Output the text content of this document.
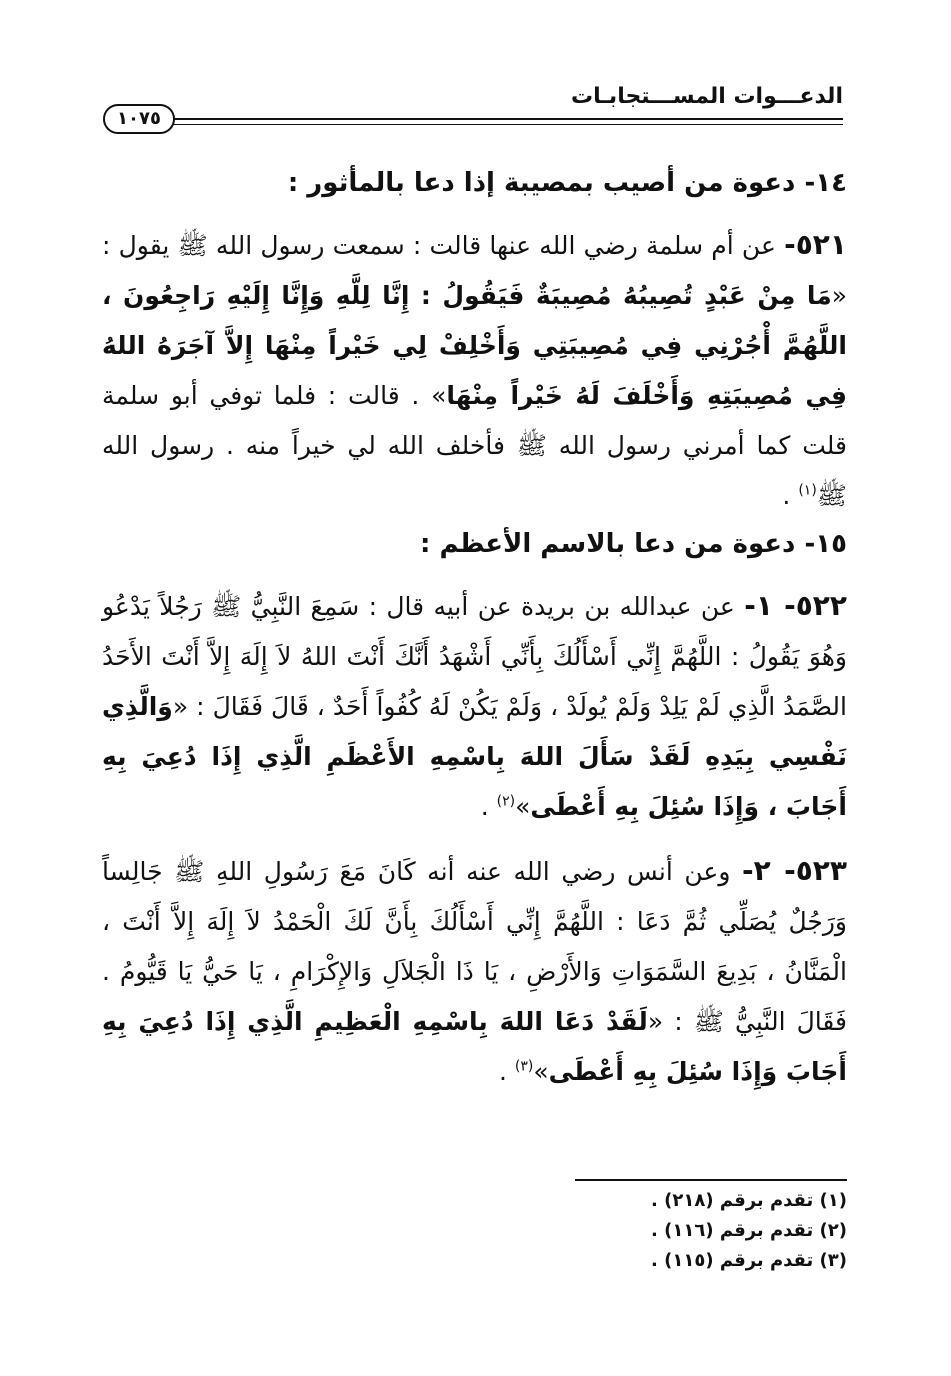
الدعـــوات المســـتجابـات
١٠٧٥
١٤- دعوة من أصيب بمصيبة إذا دعا بالمأثور :

٥٢١- عن أم سلمة رضي الله عنها قالت : سمعت رسول الله ﷺ يقول : «مَا مِنْ عَبْدٍ تُصِيبُهُ مُصِيبَةٌ فَيَقُولُ : إِنَّا لِلَّهِ وَإِنَّا إِلَيْهِ رَاجِعُونَ ، اللَّهُمَّ أْجُرْنِي فِي مُصِيبَتِي وَأَخْلِفْ لِي خَيْراً مِنْهَا إِلاَّ آجَرَهُ اللهُ فِي مُصِيبَتِهِ وَأَخْلَفَ لَهُ خَيْراً مِنْهَا» . قالت : فلما توفي أبو سلمة قلت كما أمرني رسول الله ﷺ فأخلف الله لي خيراً منه . رسول الله ﷺ$^{(١)}$ .

١٥- دعوة من دعا بالاسم الأعظم :

٥٢٢- ١- عن عبدالله بن بريدة عن أبيه قال : سَمِعَ النَّبِيُّ ﷺ رَجُلاً يَدْعُو وَهُوَ يَقُولُ : اللَّهُمَّ إِنِّي أَسْأَلُكَ بِأَنِّي أَشْهَدُ أَنَّكَ أَنْتَ اللهُ لاَ إِلَهَ إِلاَّ أَنْتَ الأَحَدُ الصَّمَدُ الَّذِي لَمْ يَلِدْ وَلَمْ يُولَدْ ، وَلَمْ يَكُنْ لَهُ كُفُواً أَحَدٌ ، قَالَ فَقَالَ : «وَالَّذِي نَفْسِي بِيَدِهِ لَقَدْ سَأَلَ اللهَ بِاسْمِهِ الأَعْظَمِ الَّذِي إِذَا دُعِيَ بِهِ أَجَابَ ، وَإِذَا سُئِلَ بِهِ أَعْطَى»$^{(٢)}$ .

٥٢٣- ٢- وعن أنس رضي الله عنه أنه كَانَ مَعَ رَسُولِ اللهِ ﷺ جَالِساً وَرَجُلٌ يُصَلِّي ثُمَّ دَعَا : اللَّهُمَّ إِنِّي أَسْأَلُكَ بِأَنَّ لَكَ الْحَمْدُ لاَ إِلَهَ إِلاَّ أَنْتَ ، الْمَنَّانُ ، بَدِيعَ السَّمَوَاتِ وَالأَرْضِ ، يَا ذَا الْجَلاَلِ وَالإِكْرَامِ ، يَا حَيُّ يَا قَيُّومُ . فَقَالَ النَّبِيُّ ﷺ : «لَقَدْ دَعَا اللهَ بِاسْمِهِ الْعَظِيمِ الَّذِي إِذَا دُعِيَ بِهِ أَجَابَ وَإِذَا سُئِلَ بِهِ أَعْطَى»$^{(٣)}$ .

(١) تقدم برقم (٢١٨) .
(٢) تقدم برقم (١١٦) .
(٣) تقدم برقم (١١٥) .
